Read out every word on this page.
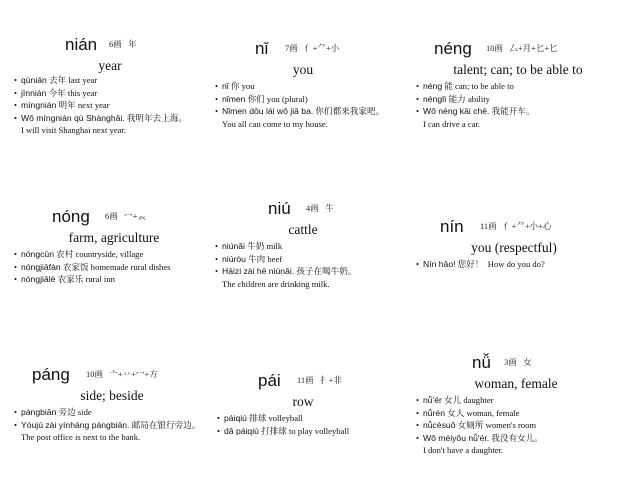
nián 6画 年
year
• qùnián 去年 last year
• jīnnián 今年 this year
• míngnián 明年 next year
• Wǒ míngnián qù Shànghǎi. 我明年去上海。
I will visit Shanghai next year.
nǐ 7画 亻+⺈+小
you
• nǐ 你 you
• nǐmen 你们 you (plural)
• Nǐmen dōu lái wǒ jiā ba. 你们都来我家吧。
You all can come to my house.
néng 10画 厶+月+匕+匕
talent; can; to be able to
• néng 能 can; to be able to
• nénglì 能力 ability
• Wǒ néng kāi chē. 我能开车。
I can drive a car.
nóng 6画 冖+𧘇
farm, agriculture
• nóngcūn 农村 countryside, village
• nóngjiāfàn 农家饭 homemade rural dishes
• nóngjiālè 农家乐 rural inn
niú 4画 牛
cattle
• niúnǎi 牛奶 milk
• niúròu 牛肉 beef
• Háizi zài hē niúnǎi. 孩子在喝牛奶。
The children are drinking milk.
nín 11画 亻+⺈+小+心
you (respectful)
• Nín hǎo! 您好！ How do you do?
páng 10画 亠+丷+冖+方
side; beside
• pángbiān 旁边 side
• Yóujú zài yínháng pángbiān. 邮局在银行旁边。
The post office is next to the bank.
pái 11画 扌+非
row
• páiqiú 排球 volleyball
• dǎ páiqiú 打排球 to play volleyball
nǚ 3画 女
woman, female
• nǚ'ér 女儿 daughter
• nǚrén 女人 woman, female
• nǚcèsuǒ 女厕所 women's room
• Wǒ méiyǒu nǚ'ér. 我没有女儿。
I don't have a daughter.
